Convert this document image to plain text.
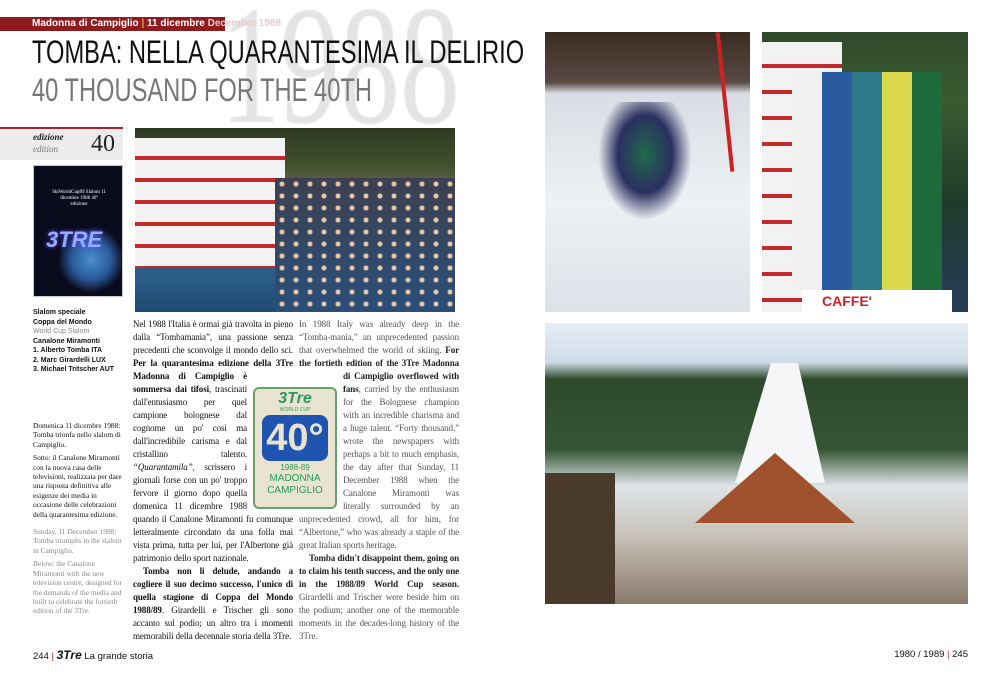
Madonna di Campiglio | 11 dicembre December 1988
TOMBA: NELLA QUARANTESIMA IL DELIRIO
40 THOUSAND FOR THE 40TH
edizione
edition 40
SkiWorldCup89 Slalom 11 dicembre 1988 40ª edizione
3TRE
Slalom speciale
Coppa del Mondo
World Cup Slalom
Canalone Miramonti
1. Alberto Tomba ITA
2. Marc Girardelli LUX
3. Michael Tritscher AUT

Domenica 11 dicembre 1988: Tomba trionfa nello slalom di Campiglio.

Sotto: il Canalone Miramonti con la nuova casa delle televisioni, realizzata per dare una risposta definitiva alle esigenze dei media in occasione delle celebrazioni della quarantesima edizione.

Sunday, 11 December 1988: Tomba triumphs in the slalom in Campiglio.

Below: the Canalone Miramonti with the new television centre, designed for the demands of the media and built to celebrate the fortieth edition of the 3Tre.

Nel 1988 l'Italia è ormai già travolta in pieno dalla “Tombamania”, una passione senza precedenti che sconvolge il mondo dello sci. Per la quarantesima edizione della 3Tre Madonna di Campiglio è sommersa dai tifosi, trascinati dall'entusiasmo per quel campione bolognese dal cognome un po' così ma dall'incredibile carisma e dal cristallino talento. “Quarantamila”, scrissero i giornali forse con un po' troppo fervore il giorno dopo quella domenica 11 dicembre 1988 quando il Canalone Miramonti fu comunque letteralmente circondato da una folla mai vista prima, tutta per lui, per l'Albertone già patrimonio dello sport nazionale.

Tomba non li delude, andando a cogliere il suo decimo successo, l'unico di quella stagione di Coppa del Mondo 1988/89. Girardelli e Trischer gli sono accanto sul podio; un altro tra i momenti memorabili della decennale storia della 3Tre.

In 1988 Italy was already deep in the “Tomba-mania,” an unprecedented passion that overwhelmed the world of skiing. For the fortieth edition of the 3Tre Madonna di Campiglio overflowed with fans, carried by the enthusiasm for the Bolognese champion with an incredible charisma and a huge talent. “Forty thousand,” wrote the newspapers with perhaps a bit to much emphasis, the day after that Sunday, 11 December 1988 when the Canalone Miramonti was literally surrounded by an unprecedented crowd, all for him, for “Albertone,” who was already a staple of the great Italian sports heritage.

Tomba didn't disappoint them, going on to claim his tenth success, and the only one in the 1988/89 World Cup season. Girardelli and Trischer were beside him on the podium; another one of the memorable moments in the decades-long history of the 3Tre.

3Tre
WORLD CUP
40°
1988-89
MADONNA
CAMPIGLIO
CAFFE'
244 | 3Tre La grande storia	1980 / 1989 | 245
